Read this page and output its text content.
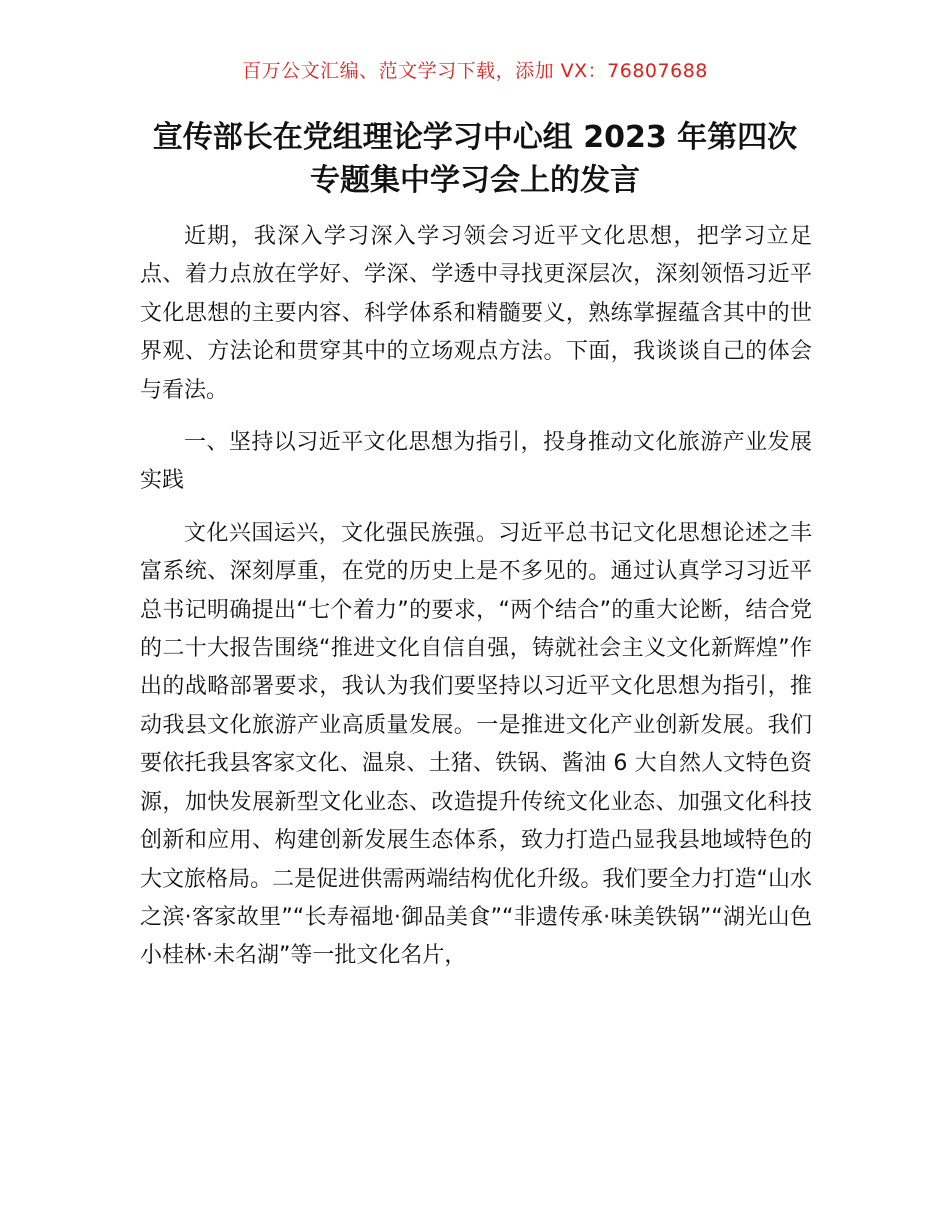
百万公文汇编、范文学习下载，添加 VX：76807688
宣传部长在党组理论学习中心组 2023 年第四次
专题集中学习会上的发言

近期，我深入学习深入学习领会习近平文化思想，把学习立足点、着力点放在学好、学深、学透中寻找更深层次，深刻领悟习近平文化思想的主要内容、科学体系和精髓要义，熟练掌握蕴含其中的世界观、方法论和贯穿其中的立场观点方法。下面，我谈谈自己的体会与看法。

一、坚持以习近平文化思想为指引，投身推动文化旅游产业发展实践

文化兴国运兴，文化强民族强。习近平总书记文化思想论述之丰富系统、深刻厚重，在党的历史上是不多见的。通过认真学习习近平总书记明确提出“七个着力”的要求，“两个结合”的重大论断，结合党的二十大报告围绕“推进文化自信自强，铸就社会主义文化新辉煌”作出的战略部署要求，我认为我们要坚持以习近平文化思想为指引，推动我县文化旅游产业高质量发展。一是推进文化产业创新发展。我们要依托我县客家文化、温泉、土猪、铁锅、酱油 6 大自然人文特色资源，加快发展新型文化业态、改造提升传统文化业态、加强文化科技创新和应用、构建创新发展生态体系，致力打造凸显我县地域特色的大文旅格局。二是促进供需两端结构优化升级。我们要全力打造“山水之滨·客家故里”“长寿福地·御品美食”“非遗传承·味美铁锅”“湖光山色小桂林·未名湖”等一批文化名片，
